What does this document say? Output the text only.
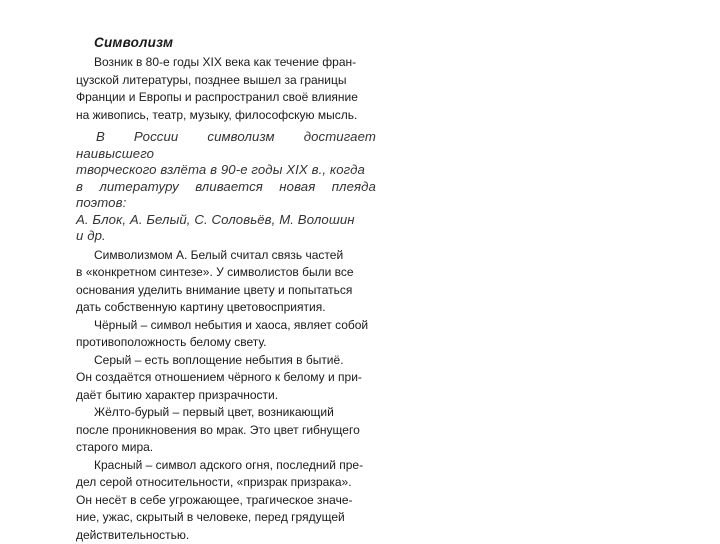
Символизм

Возник в 80-е годы XIX века как течение фран-
цузской литературы, позднее вышел за границы
Франции и Европы и распространил своё влияние
на живопись, театр, музыку, философскую мысль.

В России символизм достигает наивысшего
творческого взлёта в 90-е годы XIX в., когда
в литературу вливается новая плеяда поэтов:
А. Блок, А. Белый, С. Соловьёв, М. Волошин
и др.

Символизмом А. Белый считал связь частей
в «конкретном синтезе». У символистов были все
основания уделить внимание цвету и попытаться
дать собственную картину цветовосприятия.

Чёрный – символ небытия и хаоса, являет собой
противоположность белому свету.

Серый – есть воплощение небытия в бытиё.
Он создаётся отношением чёрного к белому и при-
даёт бытию характер призрачности.

Жёлто-бурый – первый цвет, возникающий
после проникновения во мрак. Это цвет гибнущего
старого мира.

Красный – символ адского огня, последний пре-
дел серой относительности, «призрак призрака».
Он несёт в себе угрожающее, трагическое значе-
ние, ужас, скрытый в человеке, перед грядущей
действительностью.
